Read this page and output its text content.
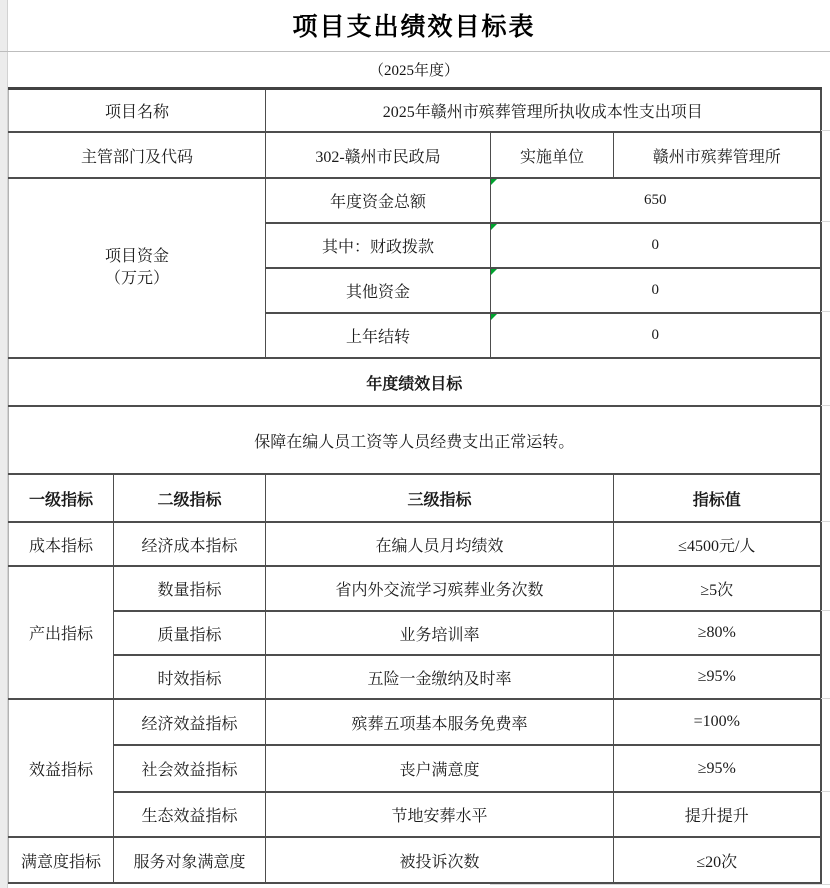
项目支出绩效目标表
（2025年度）
项目名称		2025年赣州市殡葬管理所执收成本性支出项目		
主管部门及代码		302-赣州市民政局	实施单位	赣州市殡葬管理所
项目资金
（万元）		年度资金总额	650	
		其中：财政拨款	0	
		其他资金	0	
		上年结转	0	
年度绩效目标				
保障在编人员工资等人员经费支出正常运转。				
一级指标	二级指标	三级指标		指标值
成本指标	经济成本指标	在编人员月均绩效		≤4500元/人
产出指标	数量指标	省内外交流学习殡葬业务次数		≥5次
	质量指标	业务培训率		≥80%
	时效指标	五险一金缴纳及时率		≥95%
效益指标	经济效益指标	殡葬五项基本服务免费率		=100%
	社会效益指标	丧户满意度		≥95%
	生态效益指标	节地安葬水平		提升提升
满意度指标	服务对象满意度	被投诉次数		≤20次
